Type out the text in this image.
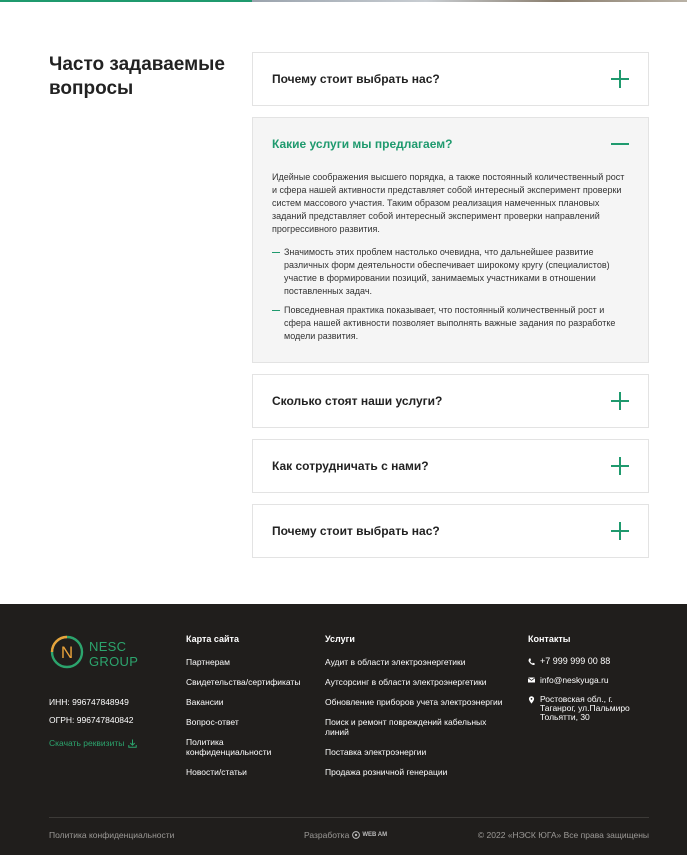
Часто задаваемые вопросы	Почему стоит выбрать нас?
Какие услуги мы предлагаем?

Идейные соображения высшего порядка, а также постоянный количественный рост и сфера нашей активности представляет собой интересный эксперимент проверки систем массового участия. Таким образом реализация намеченных плановых заданий представляет собой интересный эксперимент проверки направлений прогрессивного развития.

Значимость этих проблем настолько очевидна, что дальнейшее развитие различных форм деятельности обеспечивает широкому кругу (специалистов) участие в формировании позиций, занимаемых участниками в отношении поставленных задач.
Повседневная практика показывает, что постоянный количественный рост и сфера нашей активности позволяет выполнять важные задания по разработке модели развития.
Сколько стоят наши услуги?
Как сотрудничать с нами?
Почему стоит выбрать нас?
N NESC
GROUP
ИНН: 996747848949
ОГРН: 996747840842
Скачать реквизиты
Карта сайта
Партнерам
Свидетельства/сертификаты
Вакансии
Вопрос-ответ
Политика конфиденциальности
Новости/статьи
Услуги
Аудит в области электроэнергетики
Аутсорсинг в области электроэнергетики
Обновление приборов учета электроэнергии
Поиск и ремонт повреждений кабельных линий
Поставка электроэнергии
Продажа розничной генерации
Контакты
+7 999 999 00 88
info@neskyuga.ru
Ростовская обл., г. Таганрог, ул.Пальмиро Тольятти, 30
Политика конфиденциальности	Разработка WEB AM	© 2022 «НЭСК ЮГА» Все права защищены
